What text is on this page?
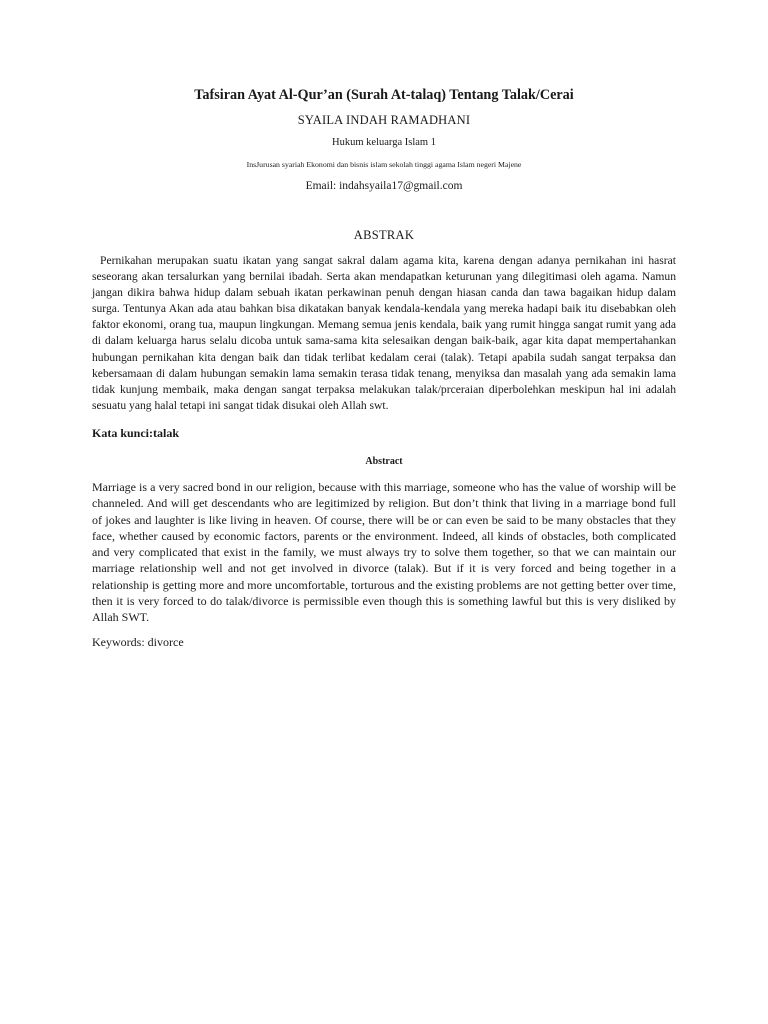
Tafsiran Ayat Al-Qur’an (Surah At-talaq) Tentang Talak/Cerai
SYAILA INDAH RAMADHANI
Hukum keluarga Islam 1
InsJurusan syariah Ekonomi dan bisnis islam sekolah tinggi agama Islam negeri Majene
Email: indahsyaila17@gmail.com
ABSTRAK

Pernikahan merupakan suatu ikatan yang sangat sakral dalam agama kita, karena dengan adanya pernikahan ini hasrat seseorang akan tersalurkan yang bernilai ibadah. Serta akan mendapatkan keturunan yang dilegitimasi oleh agama. Namun jangan dikira bahwa hidup dalam sebuah ikatan perkawinan penuh dengan hiasan canda dan tawa bagaikan hidup dalam surga. Tentunya Akan ada atau bahkan bisa dikatakan banyak kendala-kendala yang mereka hadapi baik itu disebabkan oleh faktor ekonomi, orang tua, maupun lingkungan. Memang semua jenis kendala, baik yang rumit hingga sangat rumit yang ada di dalam keluarga harus selalu dicoba untuk sama-sama kita selesaikan dengan baik-baik, agar kita dapat mempertahankan hubungan pernikahan kita dengan baik dan tidak terlibat kedalam cerai (talak). Tetapi apabila sudah sangat terpaksa dan kebersamaan di dalam hubungan semakin lama semakin terasa tidak tenang, menyiksa dan masalah yang ada semakin lama tidak kunjung membaik, maka dengan sangat terpaksa melakukan talak/prceraian diperbolehkan meskipun hal ini adalah sesuatu yang halal tetapi ini sangat tidak disukai oleh Allah swt.

Kata kunci:talak
Abstract

Marriage is a very sacred bond in our religion, because with this marriage, someone who has the value of worship will be channeled. And will get descendants who are legitimized by religion. But don’t think that living in a marriage bond full of jokes and laughter is like living in heaven. Of course, there will be or can even be said to be many obstacles that they face, whether caused by economic factors, parents or the environment. Indeed, all kinds of obstacles, both complicated and very complicated that exist in the family, we must always try to solve them together, so that we can maintain our marriage relationship well and not get involved in divorce (talak). But if it is very forced and being together in a relationship is getting more and more uncomfortable, torturous and the existing problems are not getting better over time, then it is very forced to do talak/divorce is permissible even though this is something lawful but this is very disliked by Allah SWT.

Keywords: divorce
